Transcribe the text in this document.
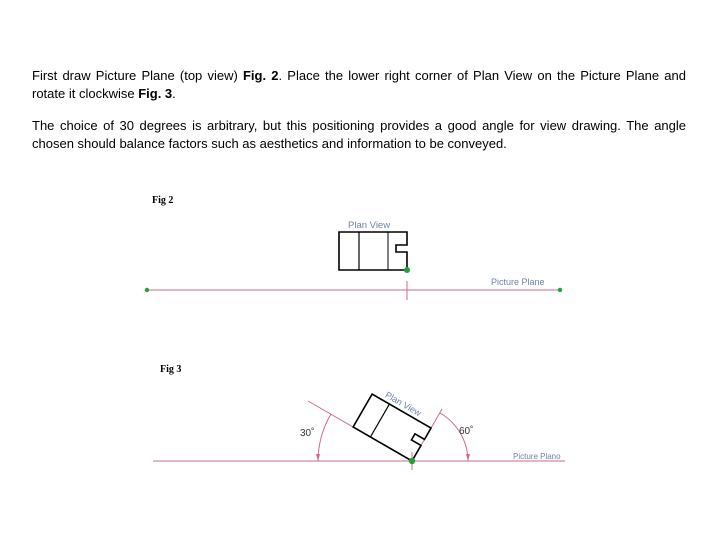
First draw Picture Plane (top view) Fig. 2. Place the lower right corner of Plan View on the Picture Plane and rotate it clockwise Fig. 3.

The choice of 30 degrees is arbitrary, but this positioning provides a good angle for view drawing. The angle chosen should balance factors such as aesthetics and information to be conveyed.

Fig 2
Fig 3
Plan View
Picture Plane
Picture Plano
30˚	60˚
Plan View
